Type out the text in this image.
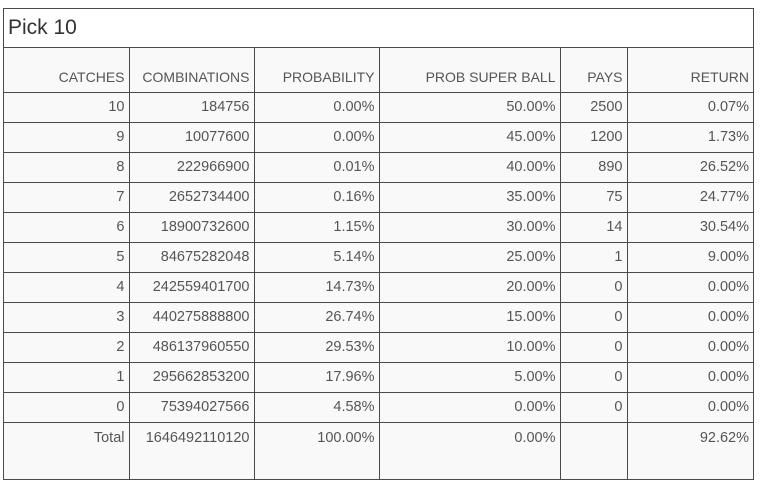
Pick 10
CATCHES	COMBINATIONS	PROBABILITY	PROB SUPER BALL	PAYS	RETURN
10	184756	0.00%	50.00%	2500	0.07%
9	10077600	0.00%	45.00%	1200	1.73%
8	222966900	0.01%	40.00%	890	26.52%
7	2652734400	0.16%	35.00%	75	24.77%
6	18900732600	1.15%	30.00%	14	30.54%
5	84675282048	5.14%	25.00%	1	9.00%
4	242559401700	14.73%	20.00%	0	0.00%
3	440275888800	26.74%	15.00%	0	0.00%
2	486137960550	29.53%	10.00%	0	0.00%
1	295662853200	17.96%	5.00%	0	0.00%
0	75394027566	4.58%	0.00%	0	0.00%
Total	1646492110120	100.00%	0.00%		92.62%
